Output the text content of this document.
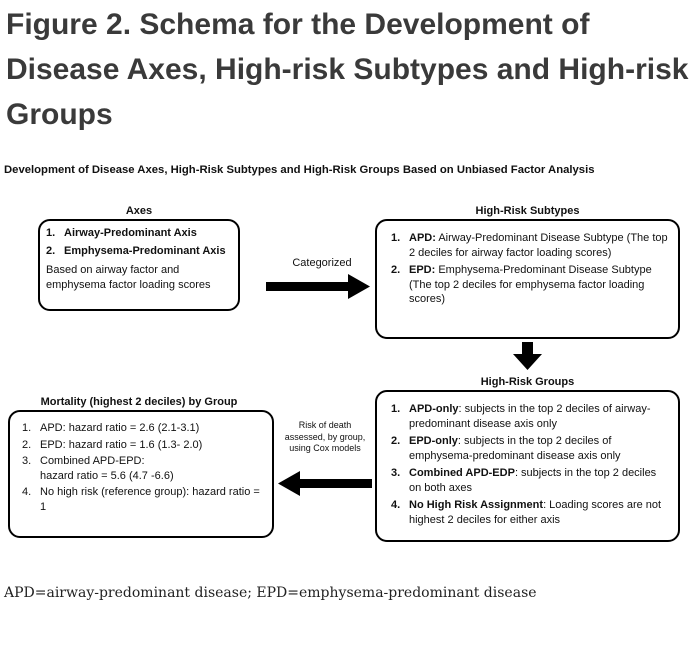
Figure 2. Schema for the Development of Disease Axes, High-risk Subtypes and High-risk Groups
Development of Disease Axes, High-Risk Subtypes and High-Risk Groups Based on Unbiased Factor Analysis
Axes
1. Airway-Predominant Axis
2. Emphysema-Predominant Axis
Based on airway factor and emphysema factor loading scores
Categorized
High-Risk Subtypes
1. APD: Airway-Predominant Disease Subtype (The top 2 deciles for airway factor loading scores)
2. EPD: Emphysema-Predominant Disease Subtype (The top 2 deciles for emphysema factor loading scores)
High-Risk Groups
1. APD-only: subjects in the top 2 deciles of airway-predominant disease axis only
2. EPD-only: subjects in the top 2 deciles of emphysema-predominant disease axis only
3. Combined APD-EDP: subjects in the top 2 deciles on both axes
4. No High Risk Assignment: Loading scores are not highest 2 deciles for either axis
Risk of death assessed, by group, using Cox models
Mortality (highest 2 deciles) by Group
1. APD: hazard ratio = 2.6 (2.1-3.1)
2. EPD: hazard ratio = 1.6 (1.3- 2.0)
3. Combined APD-EPD: hazard ratio = 5.6 (4.7 -6.6)
4. No high risk (reference group): hazard ratio = 1
APD=airway-predominant disease; EPD=emphysema-predominant disease
